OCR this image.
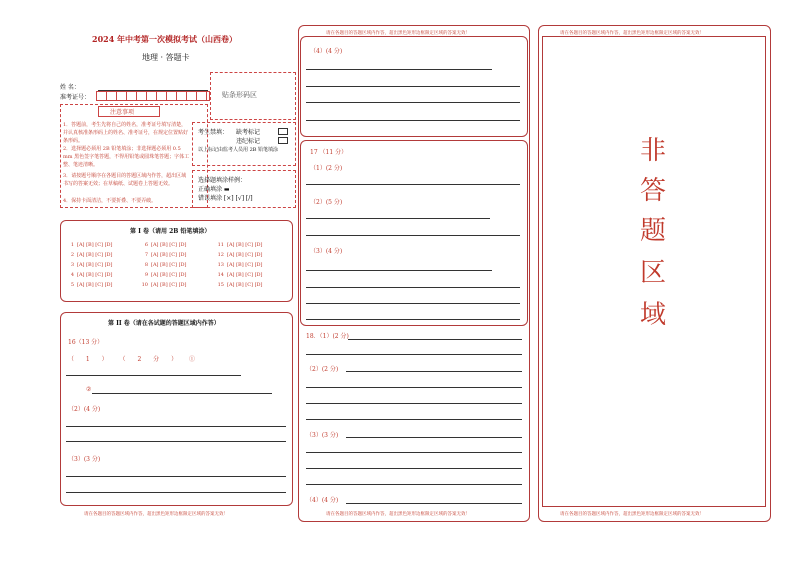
2024 年中考第一次模拟考试（山西卷）
地理 · 答题卡
姓 名：
准考证号：	贴条形码区
注意事项
1．答题前，考生先将自己的姓名，准考证号填写清楚，并认真核准条形码上的姓名、准考证号，在规定位置贴好条形码。
2．选择题必须用 2B 铅笔填涂；非选择题必须用 0.5 mm 黑色签字笔答题，不得用铅笔或圆珠笔答题；字体工整、笔迹清晰。
3．请按题号顺序在各题目的答题区域内作答，超出区域书写的答案无效；在草稿纸、试题卷上答题无效。
4．保持卡面清洁，不要折叠、不要弄破。
考生禁填： 缺考标记
违纪标记
以上标记由监考人员用 2B 铅笔填涂
选择题填涂样例：
正确填涂 ▬
错误填涂 [×] [√] [/]
第 I 卷（请用 2B 铅笔填涂）
1 [A] [B] [C] [D]
2 [A] [B] [C] [D]
3 [A] [B] [C] [D]
4 [A] [B] [C] [D]
5 [A] [B] [C] [D]
6 [A] [B] [C] [D]
7 [A] [B] [C] [D]
8 [A] [B] [C] [D]
9 [A] [B] [C] [D]
10 [A] [B] [C] [D]
11 [A] [B] [C] [D]
12 [A] [B] [C] [D]
13 [A] [B] [C] [D]
14 [A] [B] [C] [D]
15 [A] [B] [C] [D]
第 II 卷（请在各试题的答题区域内作答）
16（13 分）
（ 1 ） （ 2 分 ） ①
②
（2）(4 分)
（3）(3 分)
请在各题目的答题区域内作答，超出黑色矩形边框限定区域的答案无效！
请在各题目的答题区域内作答，超出黑色矩形边框限定区域的答案无效！
（4）(4 分)
17 （11 分）
（1）(2 分)
（2）(5 分)
（3）(4 分)
18．（1）(2 分)
（2）(2 分)
（3）(3 分)
（4）(4 分)
请在各题目的答题区域内作答，超出黑色矩形边框限定区域的答案无效！
请在各题目的答题区域内作答，超出黑色矩形边框限定区域的答案无效！
非
答
题
区
域
请在各题目的答题区域内作答，超出黑色矩形边框限定区域的答案无效！
